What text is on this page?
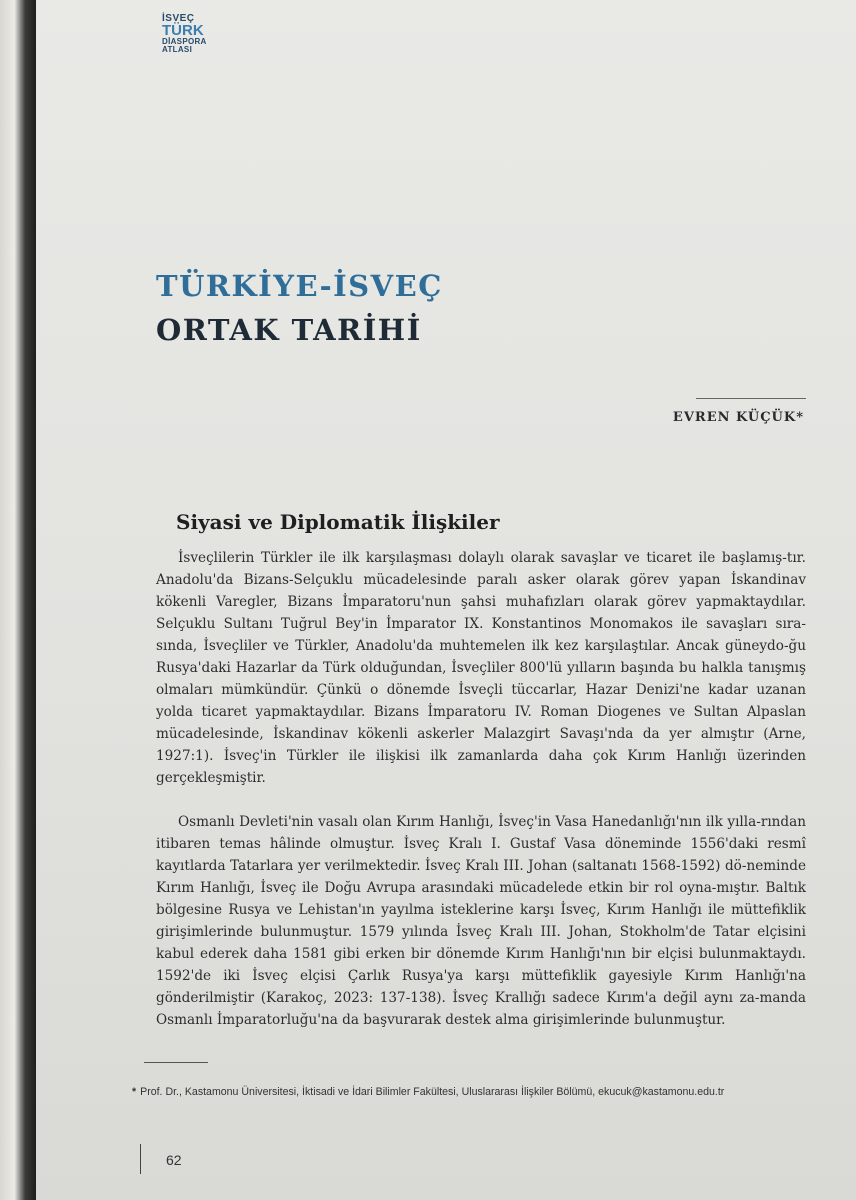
İSVEÇ
TÜRK
DİASPORA
ATLASI
TÜRKİYE-İSVEÇ
ORTAK TARİHİ
EVREN KÜÇÜK*
Siyasi ve Diplomatik İlişkiler

İsveçlilerin Türkler ile ilk karşılaşması dolaylı olarak savaşlar ve ticaret ile başlamış-tır. Anadolu'da Bizans-Selçuklu mücadelesinde paralı asker olarak görev yapan İskandinav kökenli Varegler, Bizans İmparatoru'nun şahsi muhafızları olarak görev yapmaktaydılar. Selçuklu Sultanı Tuğrul Bey'in İmparator IX. Konstantinos Monomakos ile savaşları sıra-sında, İsveçliler ve Türkler, Anadolu'da muhtemelen ilk kez karşılaştılar. Ancak güneydo-ğu Rusya'daki Hazarlar da Türk olduğundan, İsveçliler 800'lü yılların başında bu halkla tanışmış olmaları mümkündür. Çünkü o dönemde İsveçli tüccarlar, Hazar Denizi'ne kadar uzanan yolda ticaret yapmaktaydılar. Bizans İmparatoru IV. Roman Diogenes ve Sultan Alpaslan mücadelesinde, İskandinav kökenli askerler Malazgirt Savaşı'nda da yer almıştır (Arne, 1927:1). İsveç'in Türkler ile ilişkisi ilk zamanlarda daha çok Kırım Hanlığı üzerinden gerçekleşmiştir.

Osmanlı Devleti'nin vasalı olan Kırım Hanlığı, İsveç'in Vasa Hanedanlığı'nın ilk yılla-rından itibaren temas hâlinde olmuştur. İsveç Kralı I. Gustaf Vasa döneminde 1556'daki resmî kayıtlarda Tatarlara yer verilmektedir. İsveç Kralı III. Johan (saltanatı 1568-1592) dö-neminde Kırım Hanlığı, İsveç ile Doğu Avrupa arasındaki mücadelede etkin bir rol oyna-mıştır. Baltık bölgesine Rusya ve Lehistan'ın yayılma isteklerine karşı İsveç, Kırım Hanlığı ile müttefiklik girişimlerinde bulunmuştur. 1579 yılında İsveç Kralı III. Johan, Stokholm'de Tatar elçisini kabul ederek daha 1581 gibi erken bir dönemde Kırım Hanlığı'nın bir elçisi bulunmaktaydı. 1592'de iki İsveç elçisi Çarlık Rusya'ya karşı müttefiklik gayesiyle Kırım Hanlığı'na gönderilmiştir (Karakoç, 2023: 137-138). İsveç Krallığı sadece Kırım'a değil aynı za-manda Osmanlı İmparatorluğu'na da başvurarak destek alma girişimlerinde bulunmuştur.

* Prof. Dr., Kastamonu Üniversitesi, İktisadi ve İdari Bilimler Fakültesi, Uluslararası İlişkiler Bölümü, ekucuk@kastamonu.edu.tr
62
